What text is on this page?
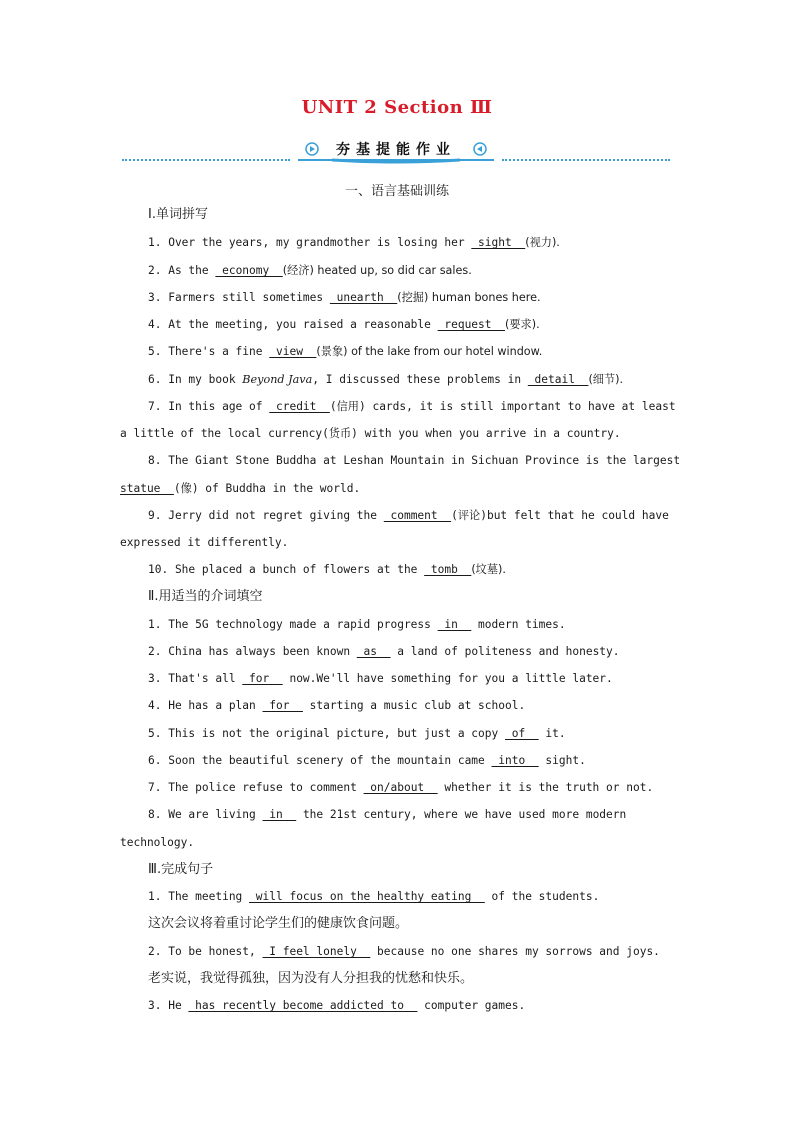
UNIT 2 Section Ⅲ
夯基提能作业
一、语言基础训练
Ⅰ.单词拼写
1. Over the years, my grandmother is losing her  sight  (视力).
2. As the  economy  (经济) heated up, so did car sales.
3. Farmers still sometimes  unearth  (挖掘) human bones here.
4. At the meeting, you raised a reasonable  request  (要求).
5. There's a fine  view  (景象) of the lake from our hotel window.
6. In my book Beyond Java, I discussed these problems in  detail  (细节).
7. In this age of  credit  (信用) cards, it is still important to have at least
a little of the local currency(货币) with you when you arrive in a country.
8. The Giant Stone Buddha at Leshan Mountain in Sichuan Province is the largest
statue  (像) of Buddha in the world.
9. Jerry did not regret giving the  comment  (评论)but felt that he could have
expressed it differently.
10. She placed a bunch of flowers at the  tomb  (坟墓).
Ⅱ.用适当的介词填空
1. The 5G technology made a rapid progress  in   modern times.
2. China has always been known  as   a land of politeness and honesty.
3. That's all  for   now.We'll have something for you a little later.
4. He has a plan  for   starting a music club at school.
5. This is not the original picture, but just a copy  of   it.
6. Soon the beautiful scenery of the mountain came  into   sight.
7. The police refuse to comment  on/about   whether it is the truth or not.
8. We are living  in   the 21st century, where we have used more modern
technology.
Ⅲ.完成句子
1. The meeting  will focus on the healthy eating   of the students.
这次会议将着重讨论学生们的健康饮食问题。
2. To be honest,  I feel lonely   because no one shares my sorrows and joys.
老实说，我觉得孤独，因为没有人分担我的忧愁和快乐。
3. He  has recently become addicted to   computer games.
